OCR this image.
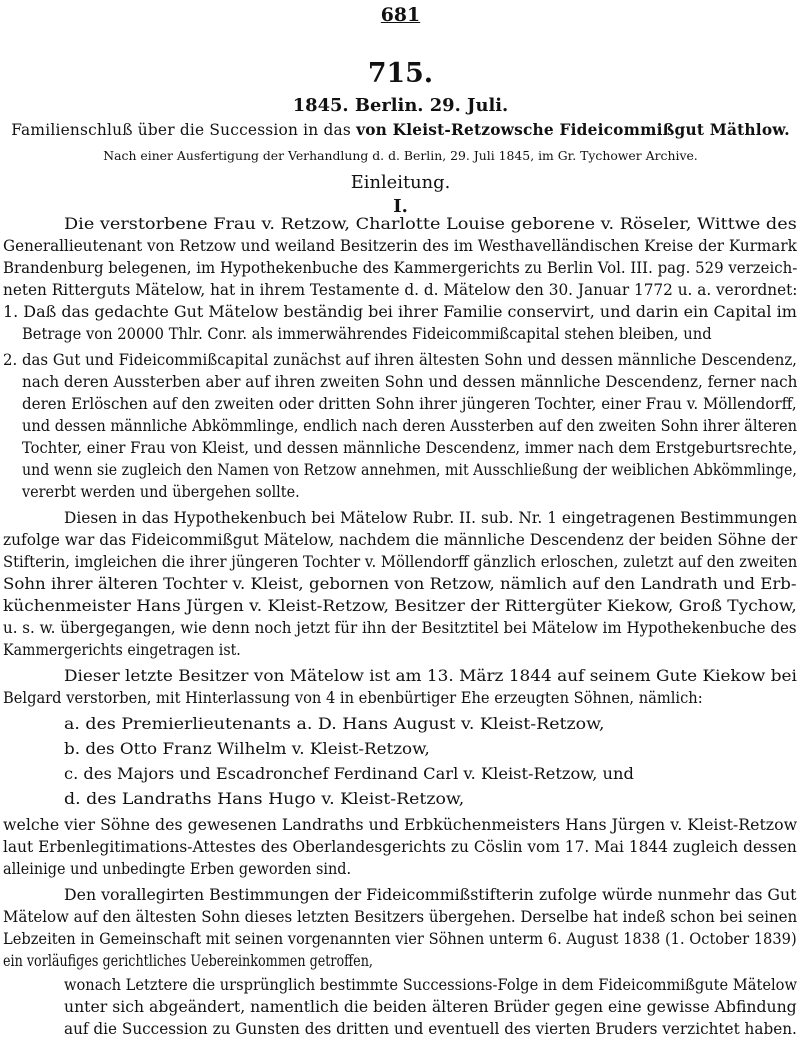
681
715.
1845. Berlin. 29. Juli.
Familienschluß über die Succession in das von Kleist-Retzowsche Fideicommißgut Mäthlow.
Nach einer Ausfertigung der Verhandlung d. d. Berlin, 29. Juli 1845, im Gr. Tychower Archive.
Einleitung.
I.
Die verstorbene Frau v. Retzow, Charlotte Louise geborene v. Röseler, Wittwe des
Generallieutenant von Retzow und weiland Besitzerin des im Westhavelländischen Kreise der Kurmark
Brandenburg belegenen, im Hypothekenbuche des Kammergerichts zu Berlin Vol. III. pag. 529 verzeich-
neten Ritterguts Mätelow, hat in ihrem Testamente d. d. Mätelow den 30. Januar 1772 u. a. verordnet:
1. Daß das gedachte Gut Mätelow beständig bei ihrer Familie conservirt, und darin ein Capital im
Betrage von 20000 Thlr. Conr. als immerwährendes Fideicommißcapital stehen bleiben, und
2. das Gut und Fideicommißcapital zunächst auf ihren ältesten Sohn und dessen männliche Descendenz,
nach deren Aussterben aber auf ihren zweiten Sohn und dessen männliche Descendenz, ferner nach
deren Erlöschen auf den zweiten oder dritten Sohn ihrer jüngeren Tochter, einer Frau v. Möllendorff,
und dessen männliche Abkömmlinge, endlich nach deren Aussterben auf den zweiten Sohn ihrer älteren
Tochter, einer Frau von Kleist, und dessen männliche Descendenz, immer nach dem Erstgeburtsrechte,
und wenn sie zugleich den Namen von Retzow annehmen, mit Ausschließung der weiblichen Abkömmlinge,
vererbt werden und übergehen sollte.
Diesen in das Hypothekenbuch bei Mätelow Rubr. II. sub. Nr. 1 eingetragenen Bestimmungen
zufolge war das Fideicommißgut Mätelow, nachdem die männliche Descendenz der beiden Söhne der
Stifterin, imgleichen die ihrer jüngeren Tochter v. Möllendorff gänzlich erloschen, zuletzt auf den zweiten
Sohn ihrer älteren Tochter v. Kleist, gebornen von Retzow, nämlich auf den Landrath und Erb-
küchenmeister Hans Jürgen v. Kleist-Retzow, Besitzer der Rittergüter Kiekow, Groß Tychow,
u. s. w. übergegangen, wie denn noch jetzt für ihn der Besitztitel bei Mätelow im Hypothekenbuche des
Kammergerichts eingetragen ist.
Dieser letzte Besitzer von Mätelow ist am 13. März 1844 auf seinem Gute Kiekow bei
Belgard verstorben, mit Hinterlassung von 4 in ebenbürtiger Ehe erzeugten Söhnen, nämlich:
a. des Premierlieutenants a. D. Hans August v. Kleist-Retzow,
b. des Otto Franz Wilhelm v. Kleist-Retzow,
c. des Majors und Escadronchef Ferdinand Carl v. Kleist-Retzow, und
d. des Landraths Hans Hugo v. Kleist-Retzow,
welche vier Söhne des gewesenen Landraths und Erbküchenmeisters Hans Jürgen v. Kleist-Retzow
laut Erbenlegitimations-Attestes des Oberlandesgerichts zu Cöslin vom 17. Mai 1844 zugleich dessen
alleinige und unbedingte Erben geworden sind.
Den voralleg​irten Bestimmungen der Fideicommißstifterin zufolge würde nunmehr das Gut
Mätelow auf den ältesten Sohn dieses letzten Besitzers übergehen. Derselbe hat indeß schon bei seinen
Lebzeiten in Gemeinschaft mit seinen vorgenannten vier Söhnen unterm 6. August 1838 (1. October 1839)
ein vorläufiges gerichtliches Uebereinkommen getroffen,
wonach Letztere die ursprünglich bestimmte Successions-Folge in dem Fideicommißgute Mätelow
unter sich abgeändert, namentlich die beiden älteren Brüder gegen eine gewisse Abfindung
auf die Succession zu Gunsten des dritten und eventuell des vierten Bruders verzichtet haben.
